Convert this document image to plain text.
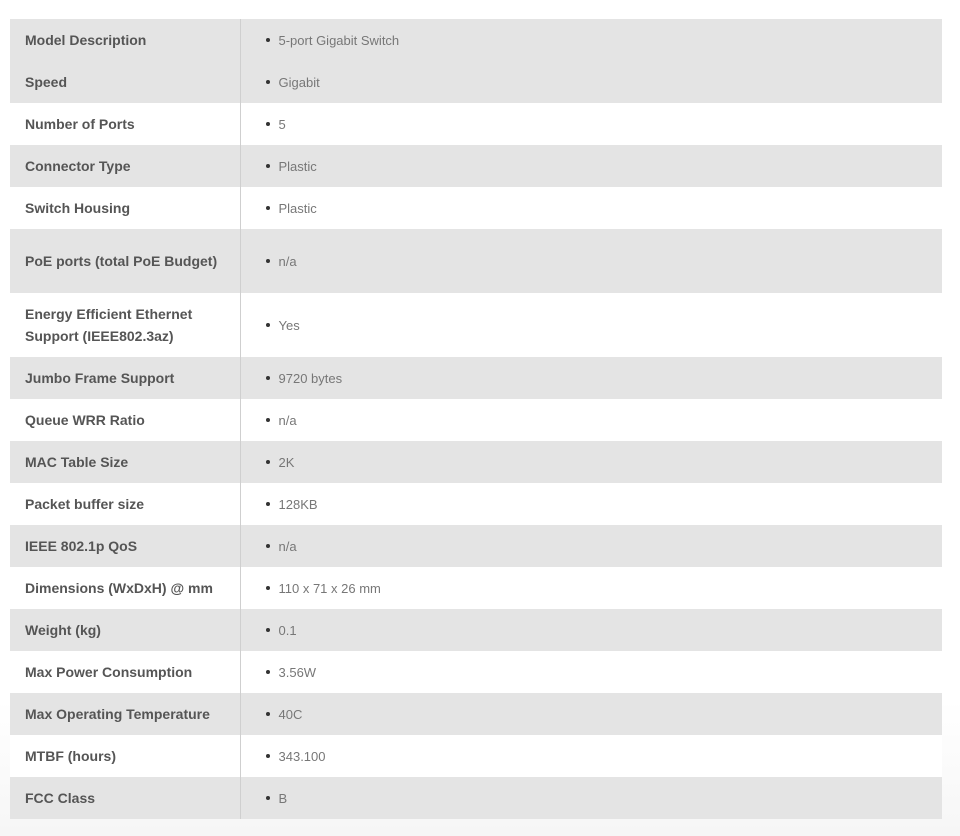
Model Description	5-port Gigabit Switch
Speed	Gigabit
Number of Ports	5
Connector Type	Plastic
Switch Housing	Plastic
PoE ports (total PoE Budget)	n/a
Energy Efficient Ethernet Support (IEEE802.3az)	Yes
Jumbo Frame Support	9720 bytes
Queue WRR Ratio	n/a
MAC Table Size	2K
Packet buffer size	128KB
IEEE 802.1p QoS	n/a
Dimensions (WxDxH) @ mm	110 x 71 x 26 mm
Weight (kg)	0.1
Max Power Consumption	3.56W
Max Operating Temperature	40C
MTBF (hours)	343.100
FCC Class	B
